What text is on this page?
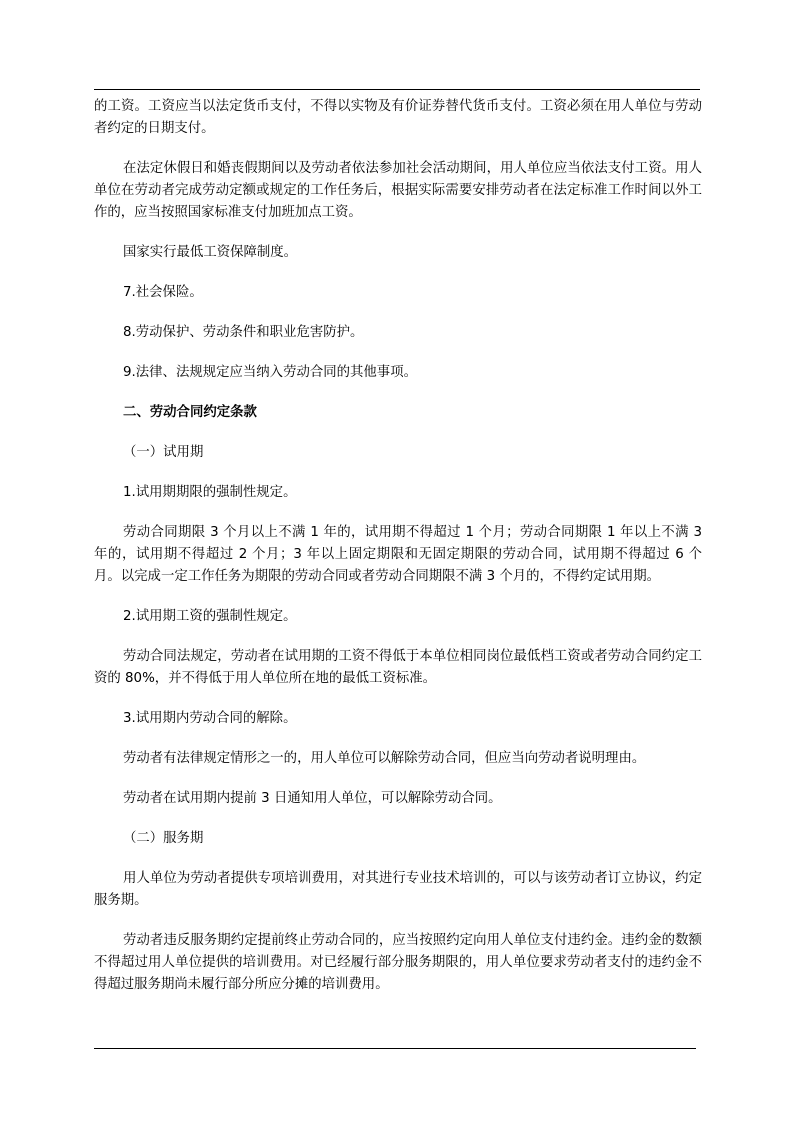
的工资。工资应当以法定货币支付，不得以实物及有价证券替代货币支付。工资必须在用人单位与劳动者约定的日期支付。

在法定休假日和婚丧假期间以及劳动者依法参加社会活动期间，用人单位应当依法支付工资。用人单位在劳动者完成劳动定额或规定的工作任务后，根据实际需要安排劳动者在法定标准工作时间以外工作的，应当按照国家标准支付加班加点工资。

国家实行最低工资保障制度。

7.社会保险。

8.劳动保护、劳动条件和职业危害防护。

9.法律、法规规定应当纳入劳动合同的其他事项。

二、劳动合同约定条款

（一）试用期

1.试用期期限的强制性规定。

劳动合同期限 3 个月以上不满 1 年的，试用期不得超过 1 个月；劳动合同期限 1 年以上不满 3 年的，试用期不得超过 2 个月；3 年以上固定期限和无固定期限的劳动合同，试用期不得超过 6 个月。以完成一定工作任务为期限的劳动合同或者劳动合同期限不满 3 个月的，不得约定试用期。

2.试用期工资的强制性规定。

劳动合同法规定，劳动者在试用期的工资不得低于本单位相同岗位最低档工资或者劳动合同约定工资的 80%，并不得低于用人单位所在地的最低工资标准。

3.试用期内劳动合同的解除。

劳动者有法律规定情形之一的，用人单位可以解除劳动合同，但应当向劳动者说明理由。

劳动者在试用期内提前 3 日通知用人单位，可以解除劳动合同。

（二）服务期

用人单位为劳动者提供专项培训费用，对其进行专业技术培训的，可以与该劳动者订立协议，约定服务期。

劳动者违反服务期约定提前终止劳动合同的，应当按照约定向用人单位支付违约金。违约金的数额不得超过用人单位提供的培训费用。对已经履行部分服务期限的，用人单位要求劳动者支付的违约金不得超过服务期尚未履行部分所应分摊的培训费用。
